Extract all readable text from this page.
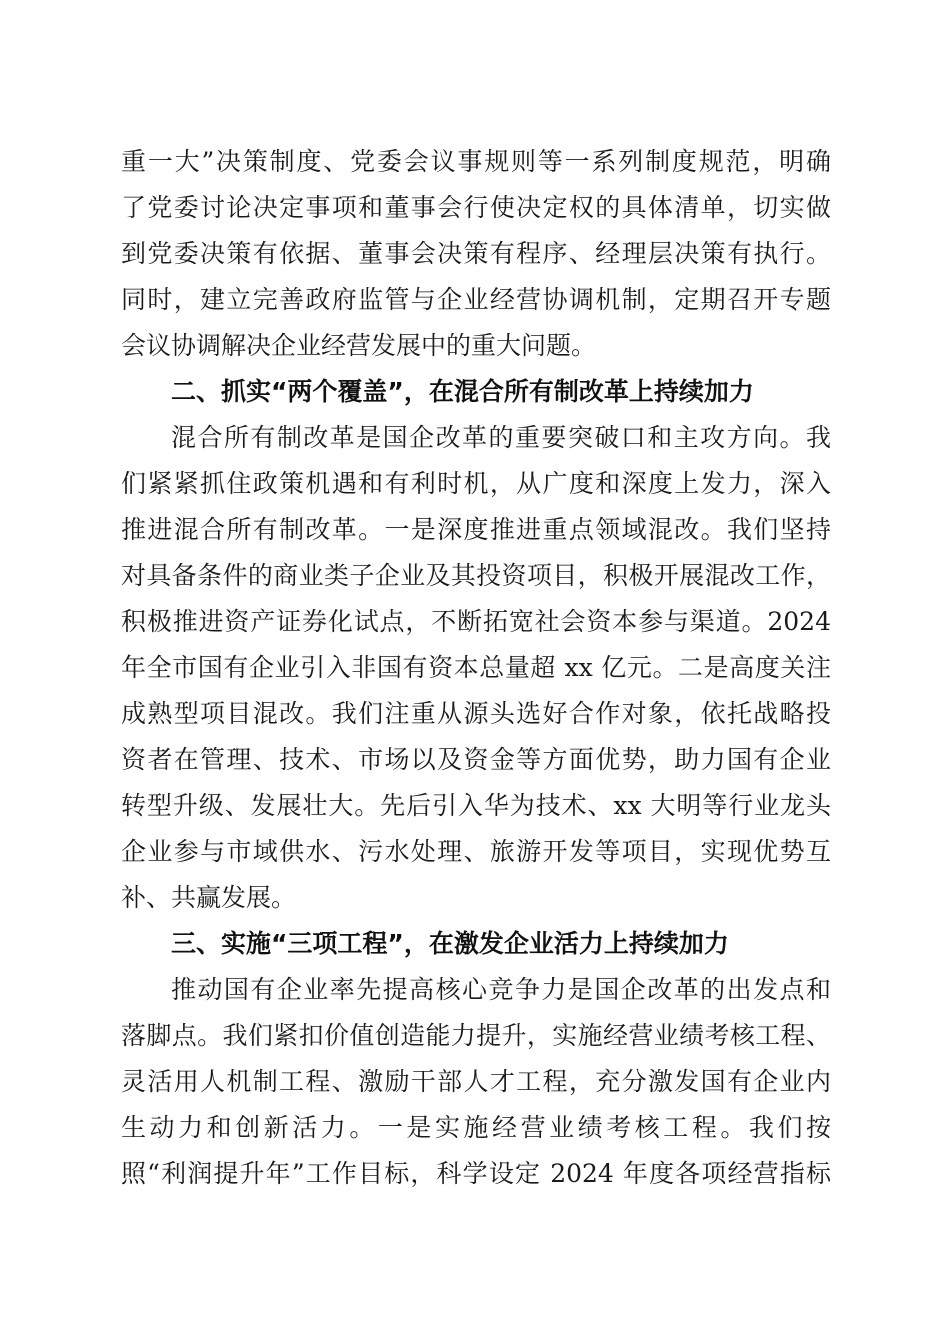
重一大”决策制度、党委会议事规则等一系列制度规范，明确
了党委讨论决定事项和董事会行使决定权的具体清单，切实做
到党委决策有依据、董事会决策有程序、经理层决策有执行。
同时，建立完善政府监管与企业经营协调机制，定期召开专题
会议协调解决企业经营发展中的重大问题。
二、抓实“两个覆盖”，在混合所有制改革上持续加力
混合所有制改革是国企改革的重要突破口和主攻方向。我
们紧紧抓住政策机遇和有利时机，从广度和深度上发力，深入
推进混合所有制改革。一是深度推进重点领域混改。我们坚持
对具备条件的商业类子企业及其投资项目，积极开展混改工作，
积极推进资产证券化试点，不断拓宽社会资本参与渠道。2024
年全市国有企业引入非国有资本总量超 xx 亿元。二是高度关注
成熟型项目混改。我们注重从源头选好合作对象，依托战略投
资者在管理、技术、市场以及资金等方面优势，助力国有企业
转型升级、发展壮大。先后引入华为技术、xx 大明等行业龙头
企业参与市域供水、污水处理、旅游开发等项目，实现优势互
补、共赢发展。
三、实施“三项工程”，在激发企业活力上持续加力
推动国有企业率先提高核心竞争力是国企改革的出发点和
落脚点。我们紧扣价值创造能力提升，实施经营业绩考核工程、
灵活用人机制工程、激励干部人才工程，充分激发国有企业内
生动力和创新活力。一是实施经营业绩考核工程。我们按
照“利润提升年”工作目标，科学设定 2024 年度各项经营指标
